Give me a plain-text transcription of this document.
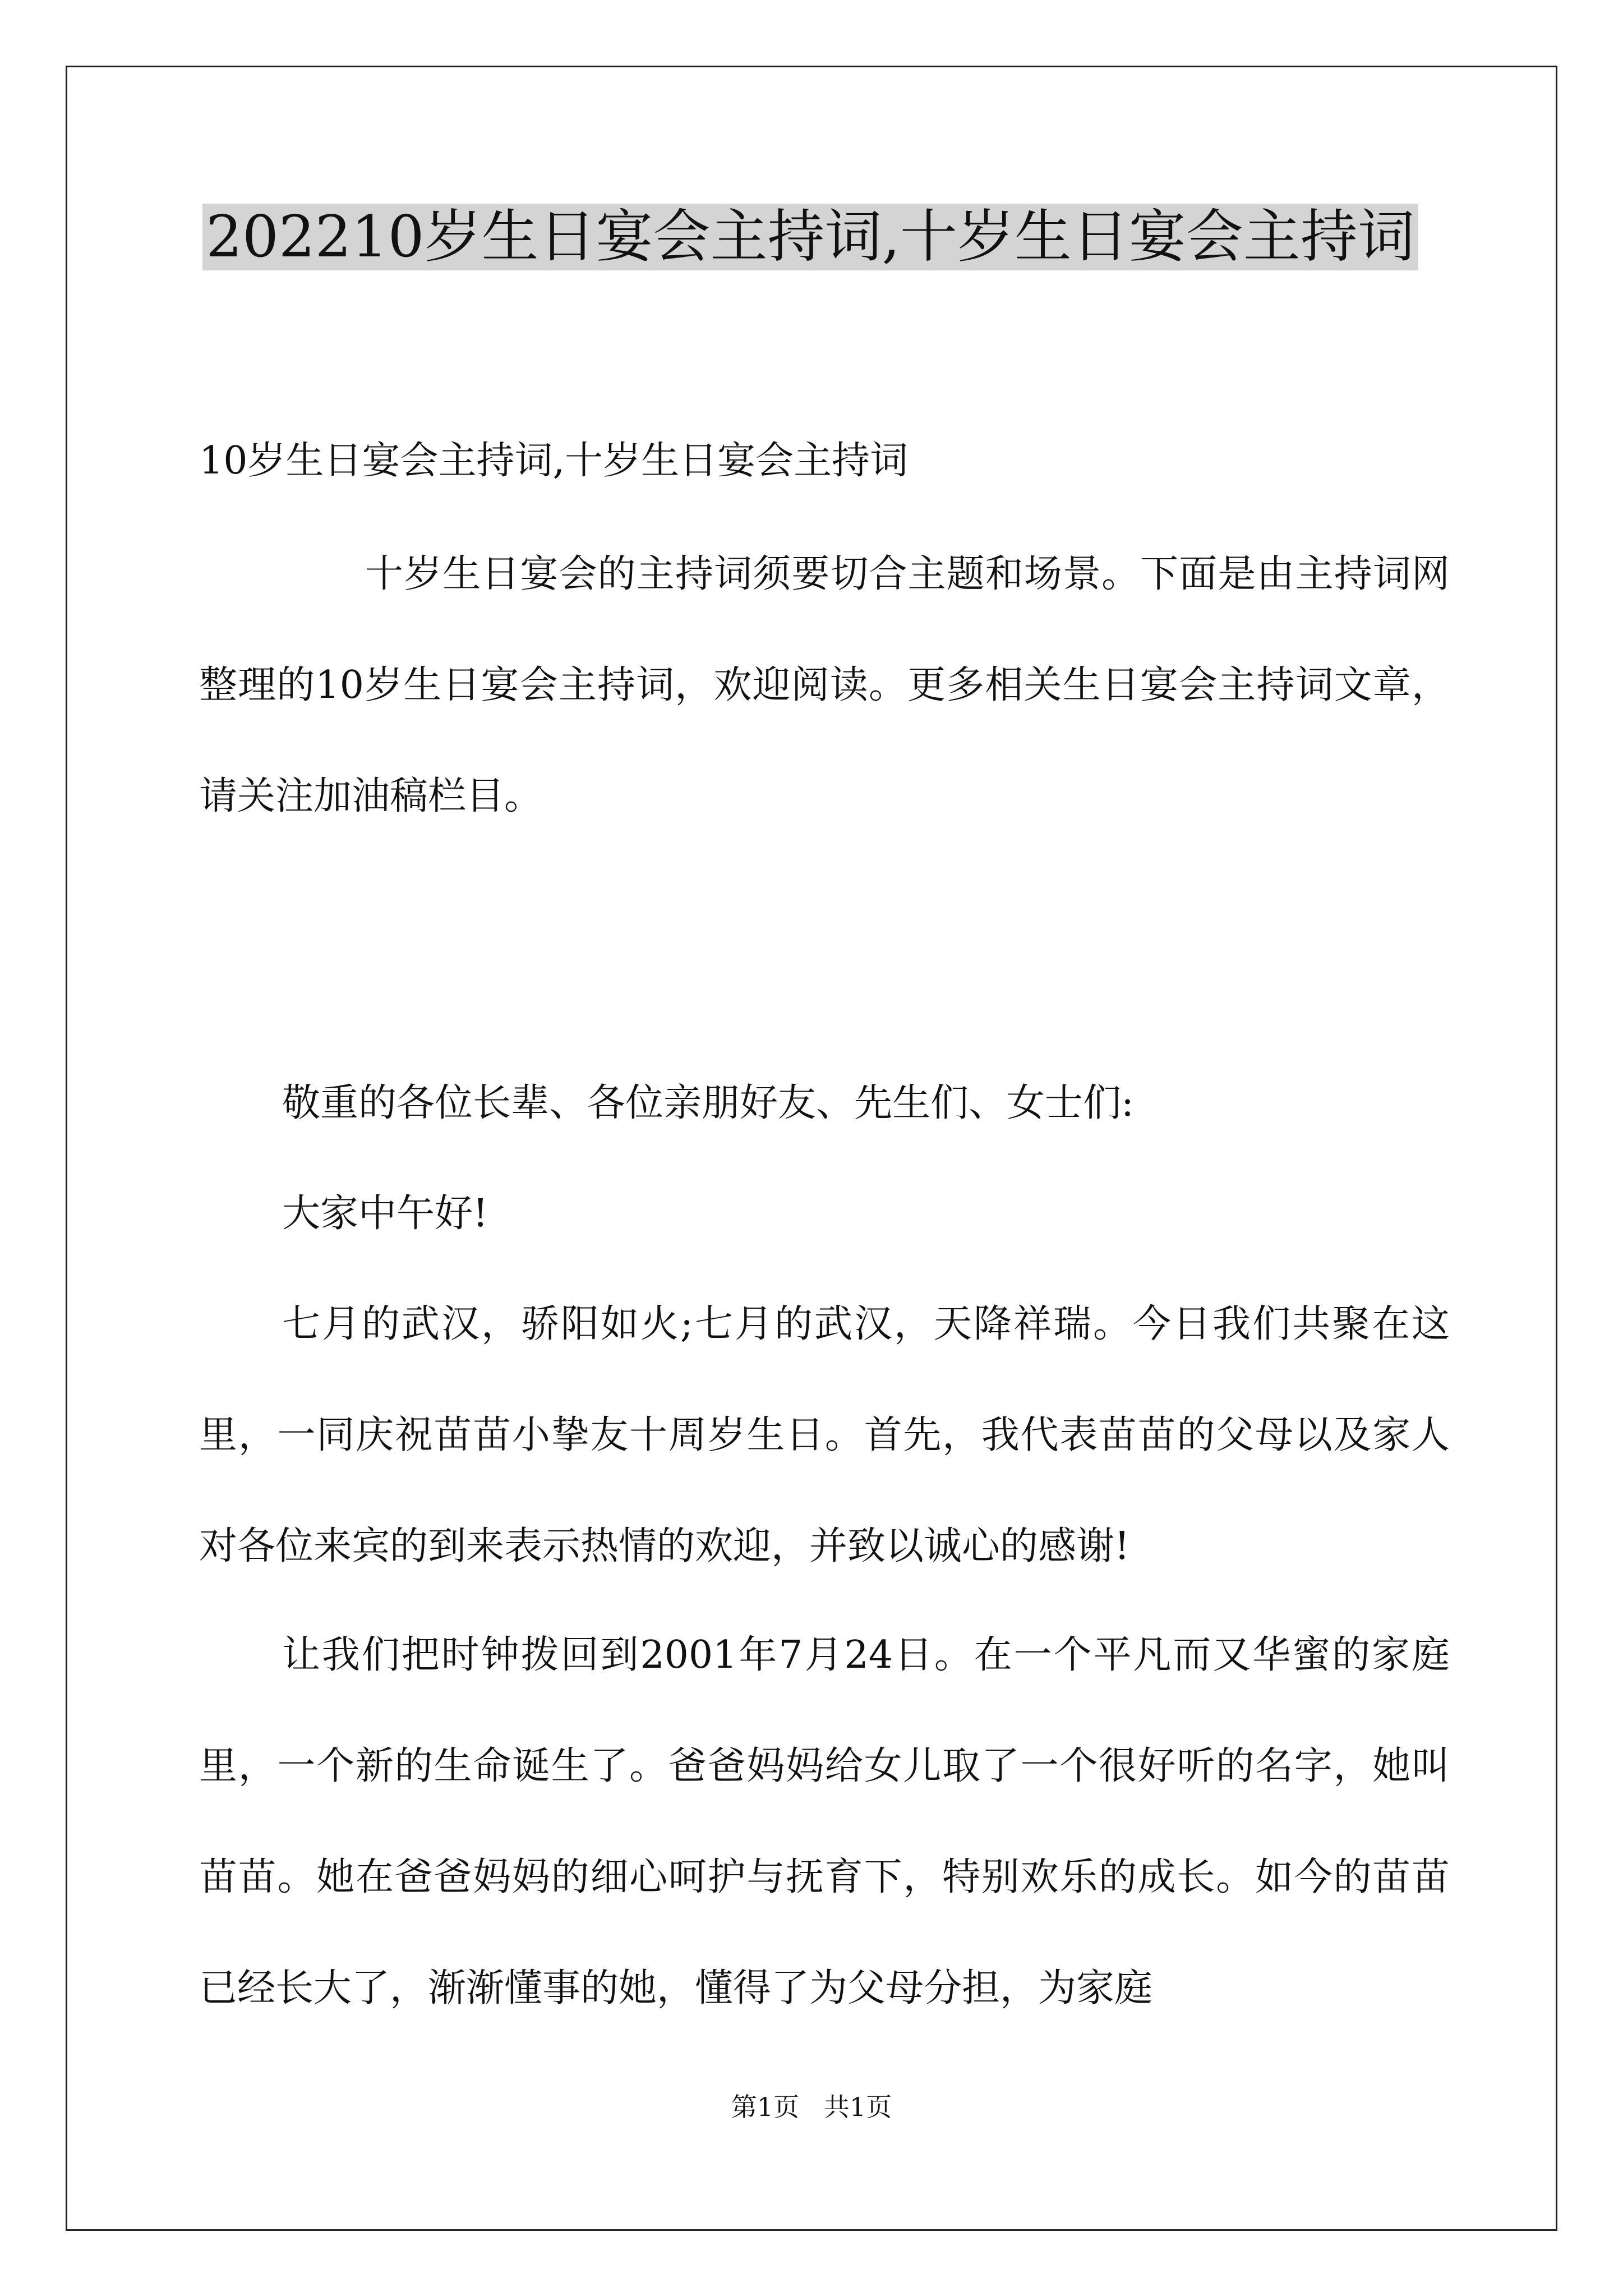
202210岁生日宴会主持词,十岁生日宴会主持词
10岁生日宴会主持词,十岁生日宴会主持词
十岁生日宴会的主持词须要切合主题和场景。下面是由主持词网整理的10岁生日宴会主持词，欢迎阅读。更多相关生日宴会主持词文章，请关注加油稿栏目。
敬重的各位长辈、各位亲朋好友、先生们、女士们:
大家中午好!
七月的武汉，骄阳如火;七月的武汉，天降祥瑞。今日我们共聚在这里，一同庆祝苗苗小挚友十周岁生日。首先，我代表苗苗的父母以及家人对各位来宾的到来表示热情的欢迎，并致以诚心的感谢!
让我们把时钟拨回到2001年7月24日。在一个平凡而又华蜜的家庭里，一个新的生命诞生了。爸爸妈妈给女儿取了一个很好听的名字，她叫苗苗。她在爸爸妈妈的细心呵护与抚育下，特别欢乐的成长。如今的苗苗已经长大了，渐渐懂事的她，懂得了为父母分担，为家庭
第1页   共1页
